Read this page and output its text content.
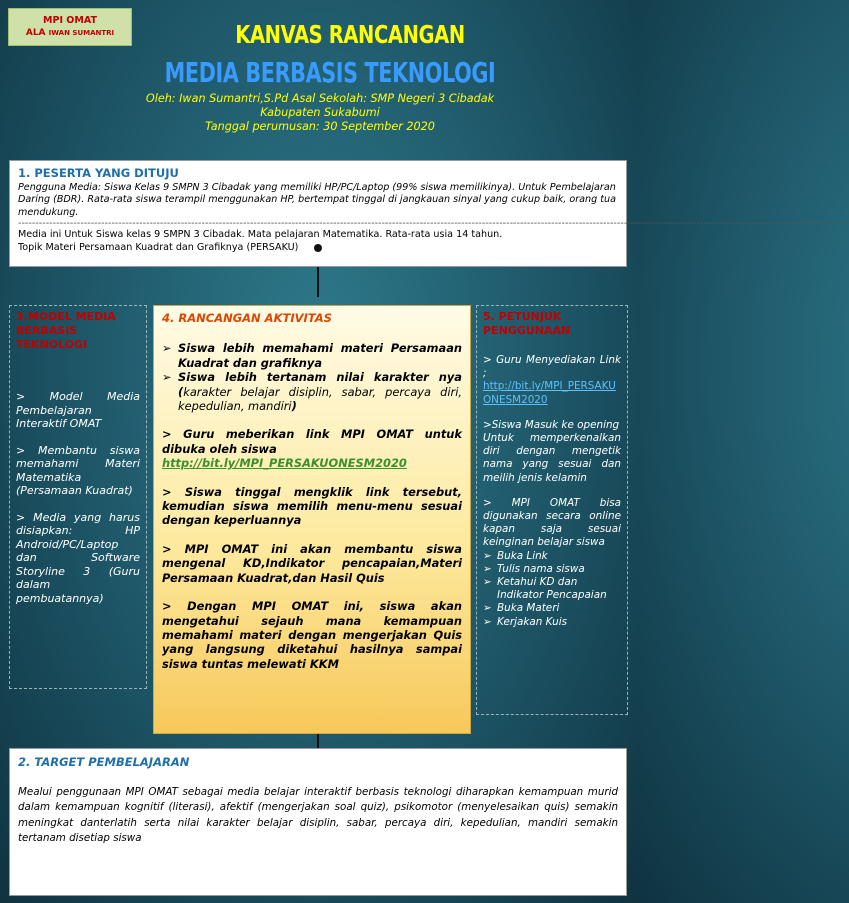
MPI OMAT
ALA IWAN SUMANTRI	KANVAS RANCANGAN
MEDIA BERBASIS TEKNOLOGI
Oleh: Iwan Sumantri,S.Pd Asal Sekolah: SMP Negeri 3 Cibadak
Kabupaten Sukabumi
Tanggal perumusan: 30 September 2020
1. PESERTA YANG DITUJU
Pengguna Media: Siswa Kelas 9 SMPN 3 Cibadak yang memiliki HP/PC/Laptop (99% siswa memilikinya). Untuk Pembelajaran Daring (BDR). Rata-rata siswa terampil menggunakan HP, bertempat tinggal di jangkauan sinyal yang cukup baik, orang tua mendukung.
------------------------------------------------------------------------------------------------------------------------------------------------------------------------------------------------------------------------------------------------
Media ini Untuk Siswa kelas 9 SMPN 3 Cibadak. Mata pelajaran Matematika. Rata-rata usia 14 tahun.
Topik Materi Persamaan Kuadrat dan Grafiknya (PERSAKU)
3.MODEL MEDIA BERBASIS TEKNOLOGI

> Model Media Pembelajaran Interaktif OMAT

> Membantu siswa memahami Materi Matematika (Persamaan Kuadrat)

> Media yang harus disiapkan: HP Android/PC/Laptop dan Software Storyline 3 (Guru dalam pembuatannya)

4. RANCANGAN AKTIVITAS
➢ Siswa lebih memahami materi Persamaan Kuadrat dan grafiknya
➢ Siswa lebih tertanam nilai karakter nya (karakter belajar disiplin, sabar, percaya diri, kepedulian, mandiri)
> Guru meberikan link MPI OMAT untuk dibuka oleh siswa
http://bit.ly/MPI_PERSAKUONESM2020
> Siswa tinggal mengklik link tersebut, kemudian siswa memilih menu-menu sesuai dengan keperluannya
> MPI OMAT ini akan membantu siswa mengenal KD,Indikator pencapaian,Materi Persamaan Kuadrat,dan Hasil Quis
> Dengan MPI OMAT ini, siswa akan mengetahui sejauh mana kemampuan memahami materi dengan mengerjakan Quis yang langsung diketahui hasilnya sampai siswa tuntas melewati KKM
5. PETUNJUK PENGGUNAAN
> Guru Menyediakan Link ;
http://bit.ly/MPI_PERSAKUONESM2020
>Siswa Masuk ke opening
Untuk memperkenalkan diri dengan mengetik nama yang sesuai dan meilih jenis kelamin
> MPI OMAT bisa digunakan secara online kapan saja sesuai keinginan belajar siswa
➢ Buka Link
➢ Tulis nama siswa
➢ Ketahui KD dan Indikator Pencapaian
➢ Buka Materi
➢ Kerjakan Kuis
2. TARGET PEMBELAJARAN

Mealui penggunaan MPI OMAT sebagai media belajar interaktif berbasis teknologi diharapkan kemampuan murid dalam kemampuan kognitif (literasi), afektif (mengerjakan soal quiz), psikomotor (menyelesaikan quis) semakin meningkat danterlatih serta nilai karakter belajar disiplin, sabar, percaya diri, kepedulian, mandiri semakin tertanam disetiap siswa
